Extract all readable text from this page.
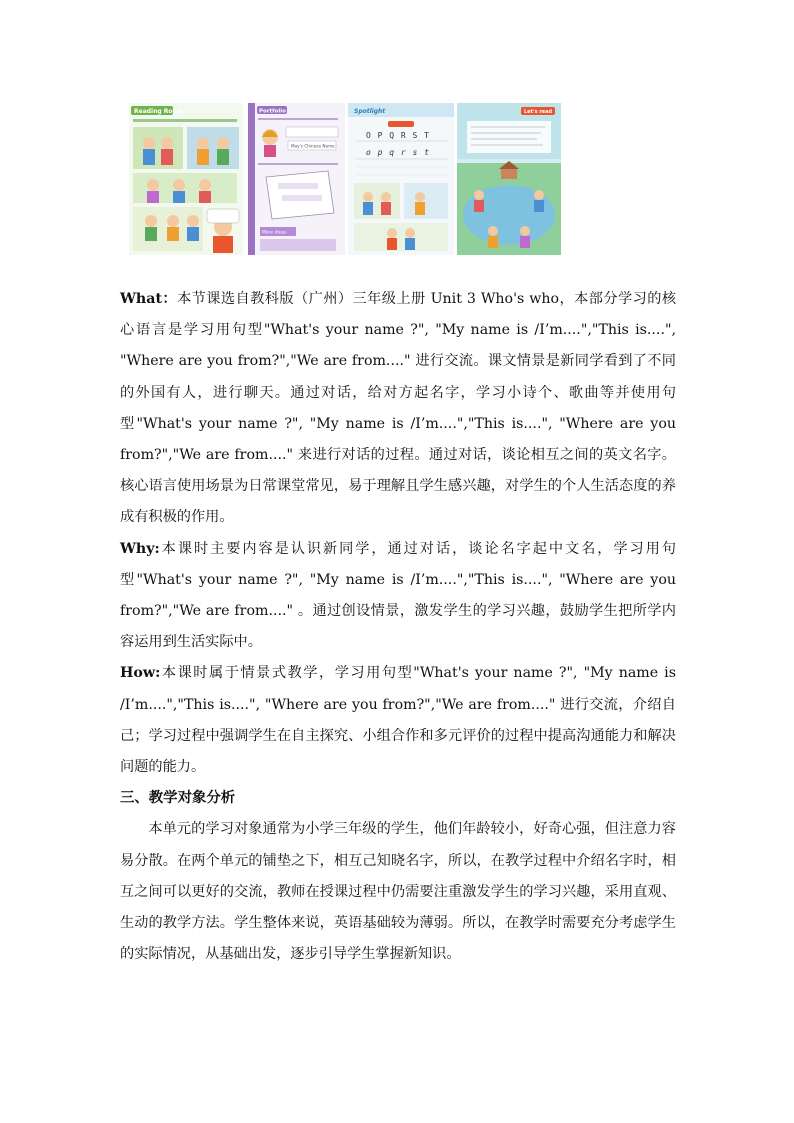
Reading Room	Portfolio
May's Chinese Name
More Ideas
Spotlight
O P Q R S T
o p q r s t
Let's read

What：本节课选自教科版（广州）三年级上册 Unit 3 Who's who，本部分学习的核心语言是学习用句型"What's your name ?", "My name is /I’m....","This is....", "Where are you from?","We are from...." 进行交流。课文情景是新同学看到了不同的外国有人，进行聊天。通过对话，给对方起名字，学习小诗个、歌曲等并使用句型"What's your name ?", "My name is /I’m....","This is....", "Where are you from?","We are from...." 来进行对话的过程。通过对话，谈论相互之间的英文名字。核心语言使用场景为日常课堂常见，易于理解且学生感兴趣，对学生的个人生活态度的养成有积极的作用。

Why:本课时主要内容是认识新同学，通过对话，谈论名字起中文名，学习用句型"What's your name ?", "My name is /I’m....","This is....", "Where are you from?","We are from...." 。通过创设情景，激发学生的学习兴趣，鼓励学生把所学内容运用到生活实际中。

How:本课时属于情景式教学，学习用句型"What's your name ?", "My name is /I’m....","This is....", "Where are you from?","We are from...." 进行交流，介绍自己；学习过程中强调学生在自主探究、小组合作和多元评价的过程中提高沟通能力和解决问题的能力。

三、教学对象分析

本单元的学习对象通常为小学三年级的学生，他们年龄较小，好奇心强，但注意力容易分散。在两个单元的铺垫之下，相互己知晓名字，所以，在教学过程中介绍名字时，相互之间可以更好的交流，教师在授课过程中仍需要注重激发学生的学习兴趣，采用直观、生动的教学方法。学生整体来说，英语基础较为薄弱。所以，在教学时需要充分考虑学生的实际情况，从基础出发，逐步引导学生掌握新知识。
